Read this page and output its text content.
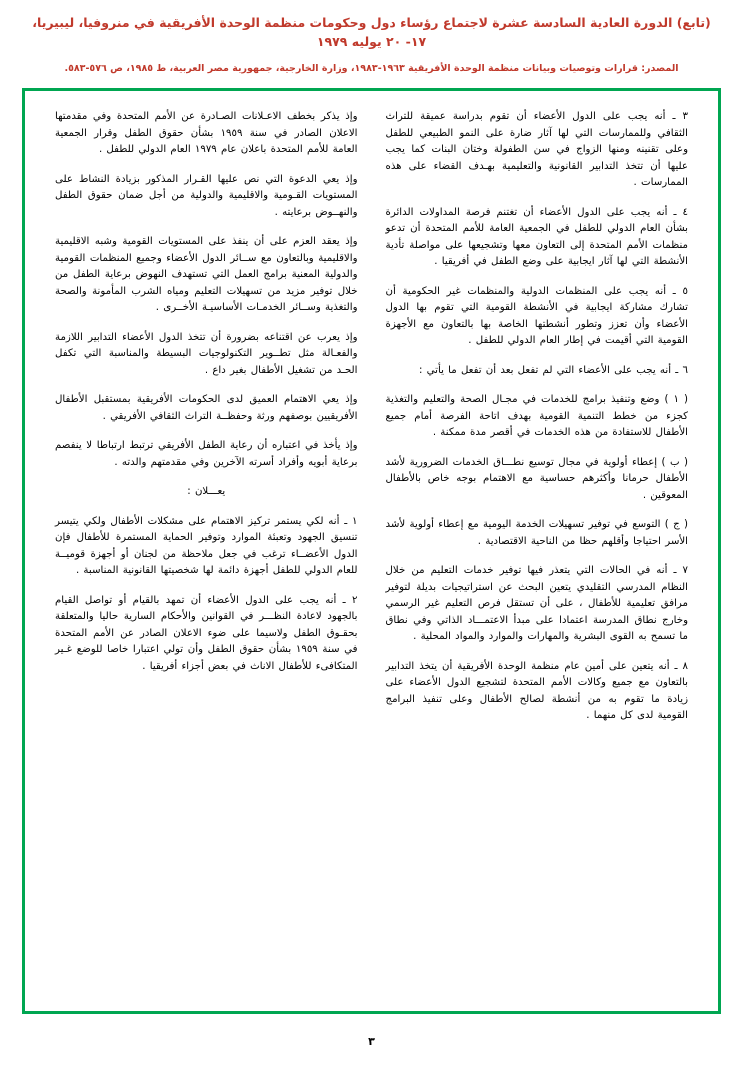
(تابع) الدورة العادية السادسة عشرة لاجتماع رؤساء دول وحكومات منظمة الوحدة الأفريقية في منروفيا، ليبيريا، ١٧- ٢٠ يوليه ١٩٧٩
المصدر: قرارات وتوصيات وبيانات منظمة الوحدة الأفريقية ١٩٦٣-١٩٨٣، وزارة الخارجية، جمهورية مصر العربية، ط ١٩٨٥، ص ٥٧٦-٥٨٣.

٣ ـ أنه يجب على الدول الأعضاء أن تقوم بدراسة عميقة للتراث الثقافي وللممارسات التي لها آثار ضارة على النمو الطبيعي للطفل وعلى تقنينه ومنها الزواج في سن الطفولة وختان البنات كما يجب عليها أن تتخذ التدابير القانونية والتعليمية بهـدف القضاء على هذه الممارسات .

٤ ـ أنه يجب على الدول الأعضاء أن تغتنم فرصة المداولات الدائرة بشأن العام الدولي للطفل في الجمعية العامة للأمم المتحدة أن تدعو منظمات الأمم المتحدة إلى التعاون معها وتشجيعها على مواصلة تأدية الأنشطة التي لها آثار ايجابية على وضع الطفل في أفريقيا .

٥ ـ أنه يجب على المنظمات الدولية والمنظمات غير الحكومية أن تشارك مشاركة ايجابية في الأنشطة القومية التي تقوم بها الدول الأعضاء وأن تعزز وتطور أنشطتها الخاصة بها بالتعاون مع الأجهزة القومية التي أقيمت في إطار العام الدولي للطفل .

٦ ـ أنه يجب على الأعضاء التي لم تفعل بعد أن تفعل ما يأتي :

( ١ ) وضع وتنفيذ برامج للخدمات في مجـال الصحة والتعليم والتغذية كجزء من خطط التنمية القومية بهدف اتاحة الفرصة أمام جميع الأطفال للاستفادة من هذه الخدمات في أقصر مدة ممكنة .

( ب ) إعطاء أولوية في مجال توسيع نطـــاق الخدمات الضرورية لأشد الأطفال حرمانا وأكثرهم حساسية مع الاهتمام بوجه خاص بالأطفال المعوقين .

( ج ) التوسع في توفير تسهيلات الخدمة اليومية مع إعطاء أولوية لأشد الأسر احتياجا وأقلهم حظا من الناحية الاقتصادية .

٧ ـ أنه في الحالات التي يتعذر فيها توفير خدمات التعليم من خلال النظام المدرسي التقليدي يتعين البحث عن استراتيجيات بديلة لتوفير مرافق تعليمية للأطفال ، على أن تستقل فرص التعليم غير الرسمي وخارج نطاق المدرسة اعتمادا على مبدأ الاعتمـــاد الذاتي وفي نطاق ما تسمح به القوى البشرية والمهارات والموارد والمواد المحلية .

٨ ـ أنه يتعين على أمين عام منظمة الوحدة الأفريقية أن يتخذ التدابير بالتعاون مع جميع وكالات الأمم المتحدة لتشجيع الدول الأعضاء على زيادة ما تقوم به من أنشطة لصالح الأطفال وعلى تنفيذ البرامج القومية لدى كل منهما .

وإذ يذكر بخطف الاعـلانات الصـادرة عن الأمم المتحدة وفي مقدمتها الاعلان الصادر في سنة ١٩٥٩ بشأن حقوق الطفل وقرار الجمعية العامة للأمم المتحدة باعلان عام ١٩٧٩ العام الدولي للطفل .

وإذ يعي الدعوة التي نص عليها القـرار المذكور بزيادة النشاط على المستويات القـومية والاقليمية والدولية من أجل ضمان حقوق الطفل والنهــوض برعايته .

وإذ يعقد العزم على أن ينفذ على المستويات القومية وشبه الاقليمية والاقليمية وبالتعاون مع ســائر الدول الأعضاء وجميع المنظمات القومية والدولية المعنية برامج العمل التي تستهدف النهوض برعاية الطفل من خلال توفير مزيد من تسهيلات التعليم ومياه الشرب المأمونة والصحة والتغذية وســائر الخدمـات الأساسيـة الأخــرى .

وإذ يعرب عن اقتناعه بضرورة أن تتخذ الدول الأعضاء التدابير اللازمة والفعـالة مثل تطــوير التكنولوجيات البسيطة والمناسبة التي تكفل الحـد من تشغيل الأطفال بغير داع .

وإذ يعي الاهتمام العميق لدى الحكومات الأفريقية بمستقبل الأطفال الأفريقيين بوصفهم ورثة وحفظــة التراث الثقافي الأفريقي .

وإذ يأخذ في اعتباره أن رعاية الطفل الأفريقي ترتبط ارتباطا لا ينفصم برعاية أبويه وأفراد أسرته الآخرين وفي مقدمتهم والدته .

يعـــلان :

١ ـ أنه لكي يستمر تركيز الاهتمام على مشكلات الأطفال ولكي يتيسر تنسيق الجهود وتعبئة الموارد وتوفير الحماية المستمرة للأطفال فإن الدول الأعضــاء ترغب في جعل ملاحظة من لجنان أو أجهزة قوميــة للعام الدولي للطفل أجهزة دائمة لها شخصيتها القانونية المناسبة .

٢ ـ أنه يجب على الدول الأعضاء أن تمهد بالقيام أو تواصل القيام بالجهود لاعادة النظـــر في القوانين والأحكام السارية حاليا والمتعلقة بحقـوق الطفل ولاسيما على ضوء الاعلان الصادر عن الأمم المتحدة في سنة ١٩٥٩ بشأن حقوق الطفل وأن تولي اعتبارا خاصا للوضع غـير المتكافىء للأطفال الاناث في بعض أجزاء أفريقيا .

٣
